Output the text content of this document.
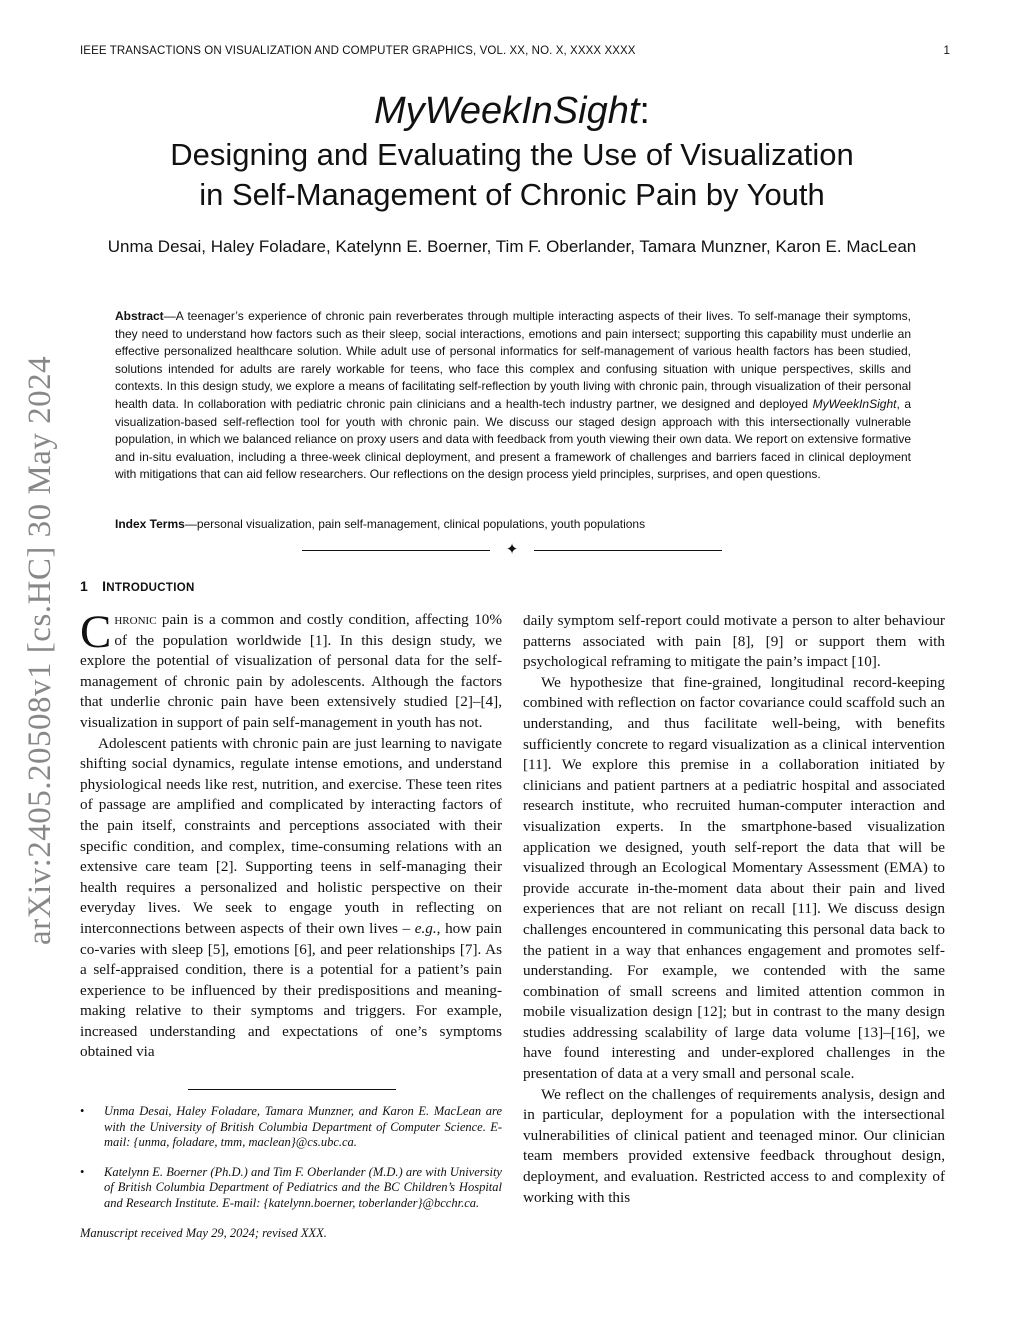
IEEE TRANSACTIONS ON VISUALIZATION AND COMPUTER GRAPHICS, VOL. XX, NO. X, XXXX XXXX	1
arXiv:2405.20508v1 [cs.HC] 30 May 2024
MyWeekInSight:
Designing and Evaluating the Use of Visualization
in Self-Management of Chronic Pain by Youth
Unma Desai, Haley Foladare, Katelynn E. Boerner, Tim F. Oberlander, Tamara Munzner, Karon E. MacLean
Abstract—A teenager’s experience of chronic pain reverberates through multiple interacting aspects of their lives. To self-manage their symptoms, they need to understand how factors such as their sleep, social interactions, emotions and pain intersect; supporting this capability must underlie an effective personalized healthcare solution. While adult use of personal informatics for self-management of various health factors has been studied, solutions intended for adults are rarely workable for teens, who face this complex and confusing situation with unique perspectives, skills and contexts. In this design study, we explore a means of facilitating self-reflection by youth living with chronic pain, through visualization of their personal health data. In collaboration with pediatric chronic pain clinicians and a health-tech industry partner, we designed and deployed MyWeekInSight, a visualization-based self-reflection tool for youth with chronic pain. We discuss our staged design approach with this intersectionally vulnerable population, in which we balanced reliance on proxy users and data with feedback from youth viewing their own data. We report on extensive formative and in-situ evaluation, including a three-week clinical deployment, and present a framework of challenges and barriers faced in clinical deployment with mitigations that can aid fellow researchers. Our reflections on the design process yield principles, surprises, and open questions.
Index Terms—personal visualization, pain self-management, clinical populations, youth populations
✦
1 INTRODUCTION

Chronic pain is a common and costly condition, affecting 10% of the population worldwide [1]. In this design study, we explore the potential of visualization of personal data for the self-management of chronic pain by adolescents. Although the factors that underlie chronic pain have been extensively studied [2]–[4], visualization in support of pain self-management in youth has not.

Adolescent patients with chronic pain are just learning to navigate shifting social dynamics, regulate intense emotions, and understand physiological needs like rest, nutrition, and exercise. These teen rites of passage are amplified and complicated by interacting factors of the pain itself, constraints and perceptions associated with their specific condition, and complex, time-consuming relations with an extensive care team [2]. Supporting teens in self-managing their health requires a personalized and holistic perspective on their everyday lives. We seek to engage youth in reflecting on interconnections between aspects of their own lives – e.g., how pain co-varies with sleep [5], emotions [6], and peer relationships [7]. As a self-appraised condition, there is a potential for a patient’s pain experience to be influenced by their predispositions and meaning-making relative to their symptoms and triggers. For example, increased understanding and expectations of one’s symptoms obtained via

• Unma Desai, Haley Foladare, Tamara Munzner, and Karon E. MacLean are with the University of British Columbia Department of Computer Science. E-mail: {unma, foladare, tmm, maclean}@cs.ubc.ca.
• Katelynn E. Boerner (Ph.D.) and Tim F. Oberlander (M.D.) are with University of British Columbia Department of Pediatrics and the BC Children’s Hospital and Research Institute. E-mail: {katelynn.boerner, toberlander}@bcchr.ca.
Manuscript received May 29, 2024; revised XXX.

daily symptom self-report could motivate a person to alter behaviour patterns associated with pain [8], [9] or support them with psychological reframing to mitigate the pain’s impact [10].

We hypothesize that fine-grained, longitudinal record-keeping combined with reflection on factor covariance could scaffold such an understanding, and thus facilitate well-being, with benefits sufficiently concrete to regard visualization as a clinical intervention [11]. We explore this premise in a collaboration initiated by clinicians and patient partners at a pediatric hospital and associated research institute, who recruited human-computer interaction and visualization experts. In the smartphone-based visualization application we designed, youth self-report the data that will be visualized through an Ecological Momentary Assessment (EMA) to provide accurate in-the-moment data about their pain and lived experiences that are not reliant on recall [11]. We discuss design challenges encountered in communicating this personal data back to the patient in a way that enhances engagement and promotes self-understanding. For example, we contended with the same combination of small screens and limited attention common in mobile visualization design [12]; but in contrast to the many design studies addressing scalability of large data volume [13]–[16], we have found interesting and under-explored challenges in the presentation of data at a very small and personal scale.

We reflect on the challenges of requirements analysis, design and in particular, deployment for a population with the intersectional vulnerabilities of clinical patient and teenaged minor. Our clinician team members provided extensive feedback throughout design, deployment, and evaluation. Restricted access to and complexity of working with this
